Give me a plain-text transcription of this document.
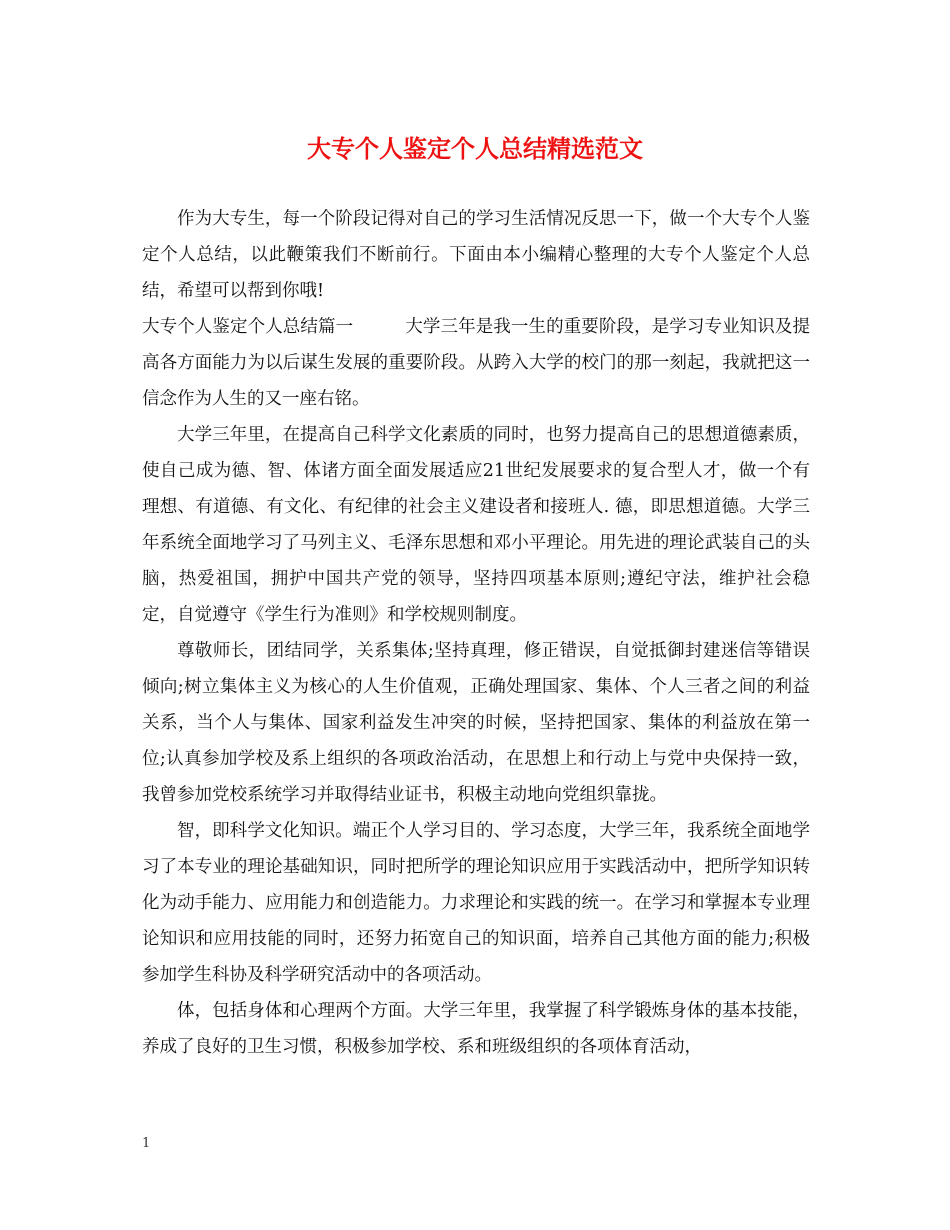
大专个人鉴定个人总结精选范文

作为大专生，每一个阶段记得对自己的学习生活情况反思一下，做一个大专个人鉴定个人总结，以此鞭策我们不断前行。下面由本小编精心整理的大专个人鉴定个人总结，希望可以帮到你哦!

大专个人鉴定个人总结篇一	大学三年是我一生的重要阶段，是学习专业知识及提高各方面能力为以后谋生发展的重要阶段。从跨入大学的校门的那一刻起，我就把这一信念作为人生的又一座右铭。

大学三年里，在提高自己科学文化素质的同时，也努力提高自己的思想道德素质，使自己成为德、智、体诸方面全面发展适应21世纪发展要求的复合型人才，做一个有理想、有道德、有文化、有纪律的社会主义建设者和接班人. 德，即思想道德。大学三年系统全面地学习了马列主义、毛泽东思想和邓小平理论。用先进的理论武装自己的头脑，热爱祖国，拥护中国共产党的领导，坚持四项基本原则;遵纪守法，维护社会稳定，自觉遵守《学生行为准则》和学校规则制度。

尊敬师长，团结同学，关系集体;坚持真理，修正错误，自觉抵御封建迷信等错误倾向;树立集体主义为核心的人生价值观，正确处理国家、集体、个人三者之间的利益关系，当个人与集体、国家利益发生冲突的时候，坚持把国家、集体的利益放在第一位;认真参加学校及系上组织的各项政治活动，在思想上和行动上与党中央保持一致，我曾参加党校系统学习并取得结业证书，积极主动地向党组织靠拢。

智，即科学文化知识。端正个人学习目的、学习态度，大学三年，我系统全面地学习了本专业的理论基础知识，同时把所学的理论知识应用于实践活动中，把所学知识转化为动手能力、应用能力和创造能力。力求理论和实践的统一。在学习和掌握本专业理论知识和应用技能的同时，还努力拓宽自己的知识面，培养自己其他方面的能力;积极参加学生科协及科学研究活动中的各项活动。

体，包括身体和心理两个方面。大学三年里，我掌握了科学锻炼身体的基本技能，养成了良好的卫生习惯，积极参加学校、系和班级组织的各项体育活动，

1
